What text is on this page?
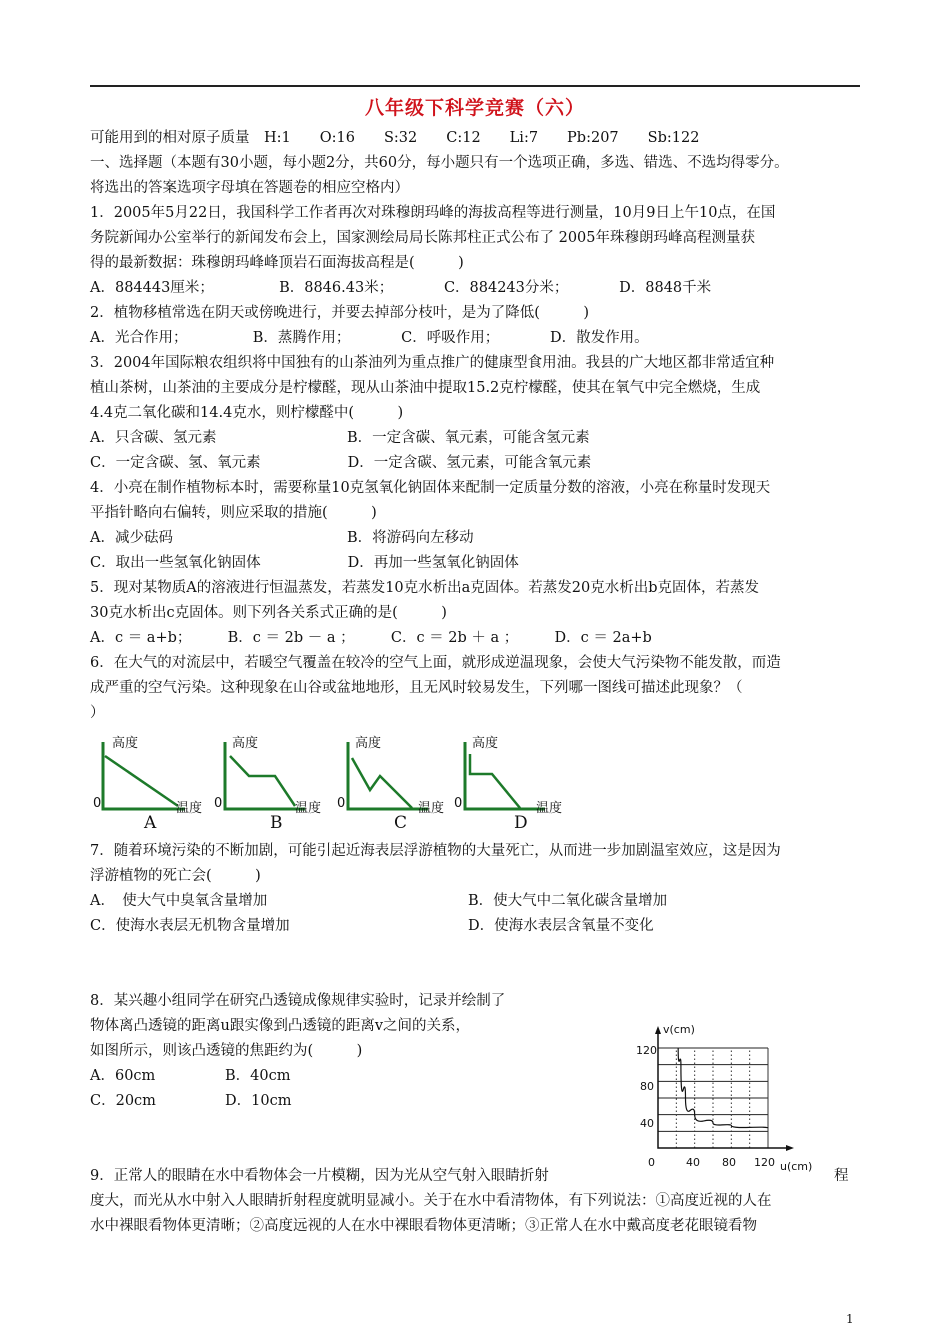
八年级下科学竞赛（六）
可能用到的相对原子质量　H:1　　O:16　　S:32　　C:12　　Li:7　　Pb:207　　Sb:122
一、选择题（本题有30小题，每小题2分，共60分，每小题只有一个选项正确，多选、错选、不选均得零分。
将选出的答案选项字母填在答题卷的相应空格内）
1．2005年5月22日，我国科学工作者再次对珠穆朗玛峰的海拔高程等进行测量，10月9日上午10点，在国
务院新闻办公室举行的新闻发布会上，国家测绘局局长陈邦柱正式公布了 2005年珠穆朗玛峰高程测量获
得的最新数据：珠穆朗玛峰峰顶岩石面海拔高程是(　　　)
A．884443厘米；　　　　　B．8846.43米；　　　　C．884243分米；　　　　D．8848千米
2．植物移植常选在阴天或傍晚进行，并要去掉部分枝叶，是为了降低(　　　)
A．光合作用；　　　　　B．蒸腾作用；　　　　C．呼吸作用；　　　　D．散发作用。
3．2004年国际粮农组织将中国独有的山茶油列为重点推广的健康型食用油。我县的广大地区都非常适宜种
植山茶树，山茶油的主要成分是柠檬醛，现从山茶油中提取15.2克柠檬醛，使其在氧气中完全燃烧，生成
4.4克二氧化碳和14.4克水，则柠檬醛中(　　　)
A．只含碳、氢元素　　　　　　　　　B．一定含碳、氧元素，可能含氢元素
C．一定含碳、氢、氧元素　　　　　　D．一定含碳、氢元素，可能含氧元素
4．小亮在制作植物标本时，需要称量10克氢氧化钠固体来配制一定质量分数的溶液，小亮在称量时发现天
平指针略向右偏转，则应采取的措施(　　　)
A．减少砝码　　　　　　　　　　　　B．将游码向左移动
C．取出一些氢氧化钠固体　　　　　　D．再加一些氢氧化钠固体
5．现对某物质A的溶液进行恒温蒸发，若蒸发10克水析出a克固体。若蒸发20克水析出b克固体，若蒸发
30克水析出c克固体。则下列各关系式正确的是(　　　)
A．c ＝ a+b；　　　B．c ＝ 2b － a ；　　　C．c ＝ 2b ＋ a ；　　　D．c ＝ 2a+b
6．在大气的对流层中，若暖空气覆盖在较冷的空气上面，就形成逆温现象，会使大气污染物不能发散，而造
成严重的空气污染。这种现象在山谷或盆地地形，且无风时较易发生，下列哪一图线可描述此现象？（
）
高度
温度
0
A
高度
温度
0
B
高度
温度
0
C
高度
温度
0
D
7．随着环境污染的不断加剧，可能引起近海表层浮游植物的大量死亡，从而进一步加剧温室效应，这是因为
浮游植物的死亡会(　　　)
A．　使大气中臭氧含量增加	B．使大气中二氧化碳含量增加
C．使海水表层无机物含量增加	D．使海水表层含氧量不变化
8．某兴趣小组同学在研究凸透镜成像规律实验时，记录并绘制了
物体离凸透镜的距离u跟实像到凸透镜的距离v之间的关系，
如图所示，则该凸透镜的焦距约为(　　　)
A．60cm	B．40cm
C．20cm	D．10cm
v(cm)
u(cm)
120
80
40
0	40 80 120
9．正常人的眼睛在水中看物体会一片模糊，因为光从空气射入眼睛折射	程
度大，而光从水中射入人眼睛折射程度就明显减小。关于在水中看清物体，有下列说法：①高度近视的人在
水中裸眼看物体更清晰；②高度远视的人在水中裸眼看物体更清晰；③正常人在水中戴高度老花眼镜看物
1
